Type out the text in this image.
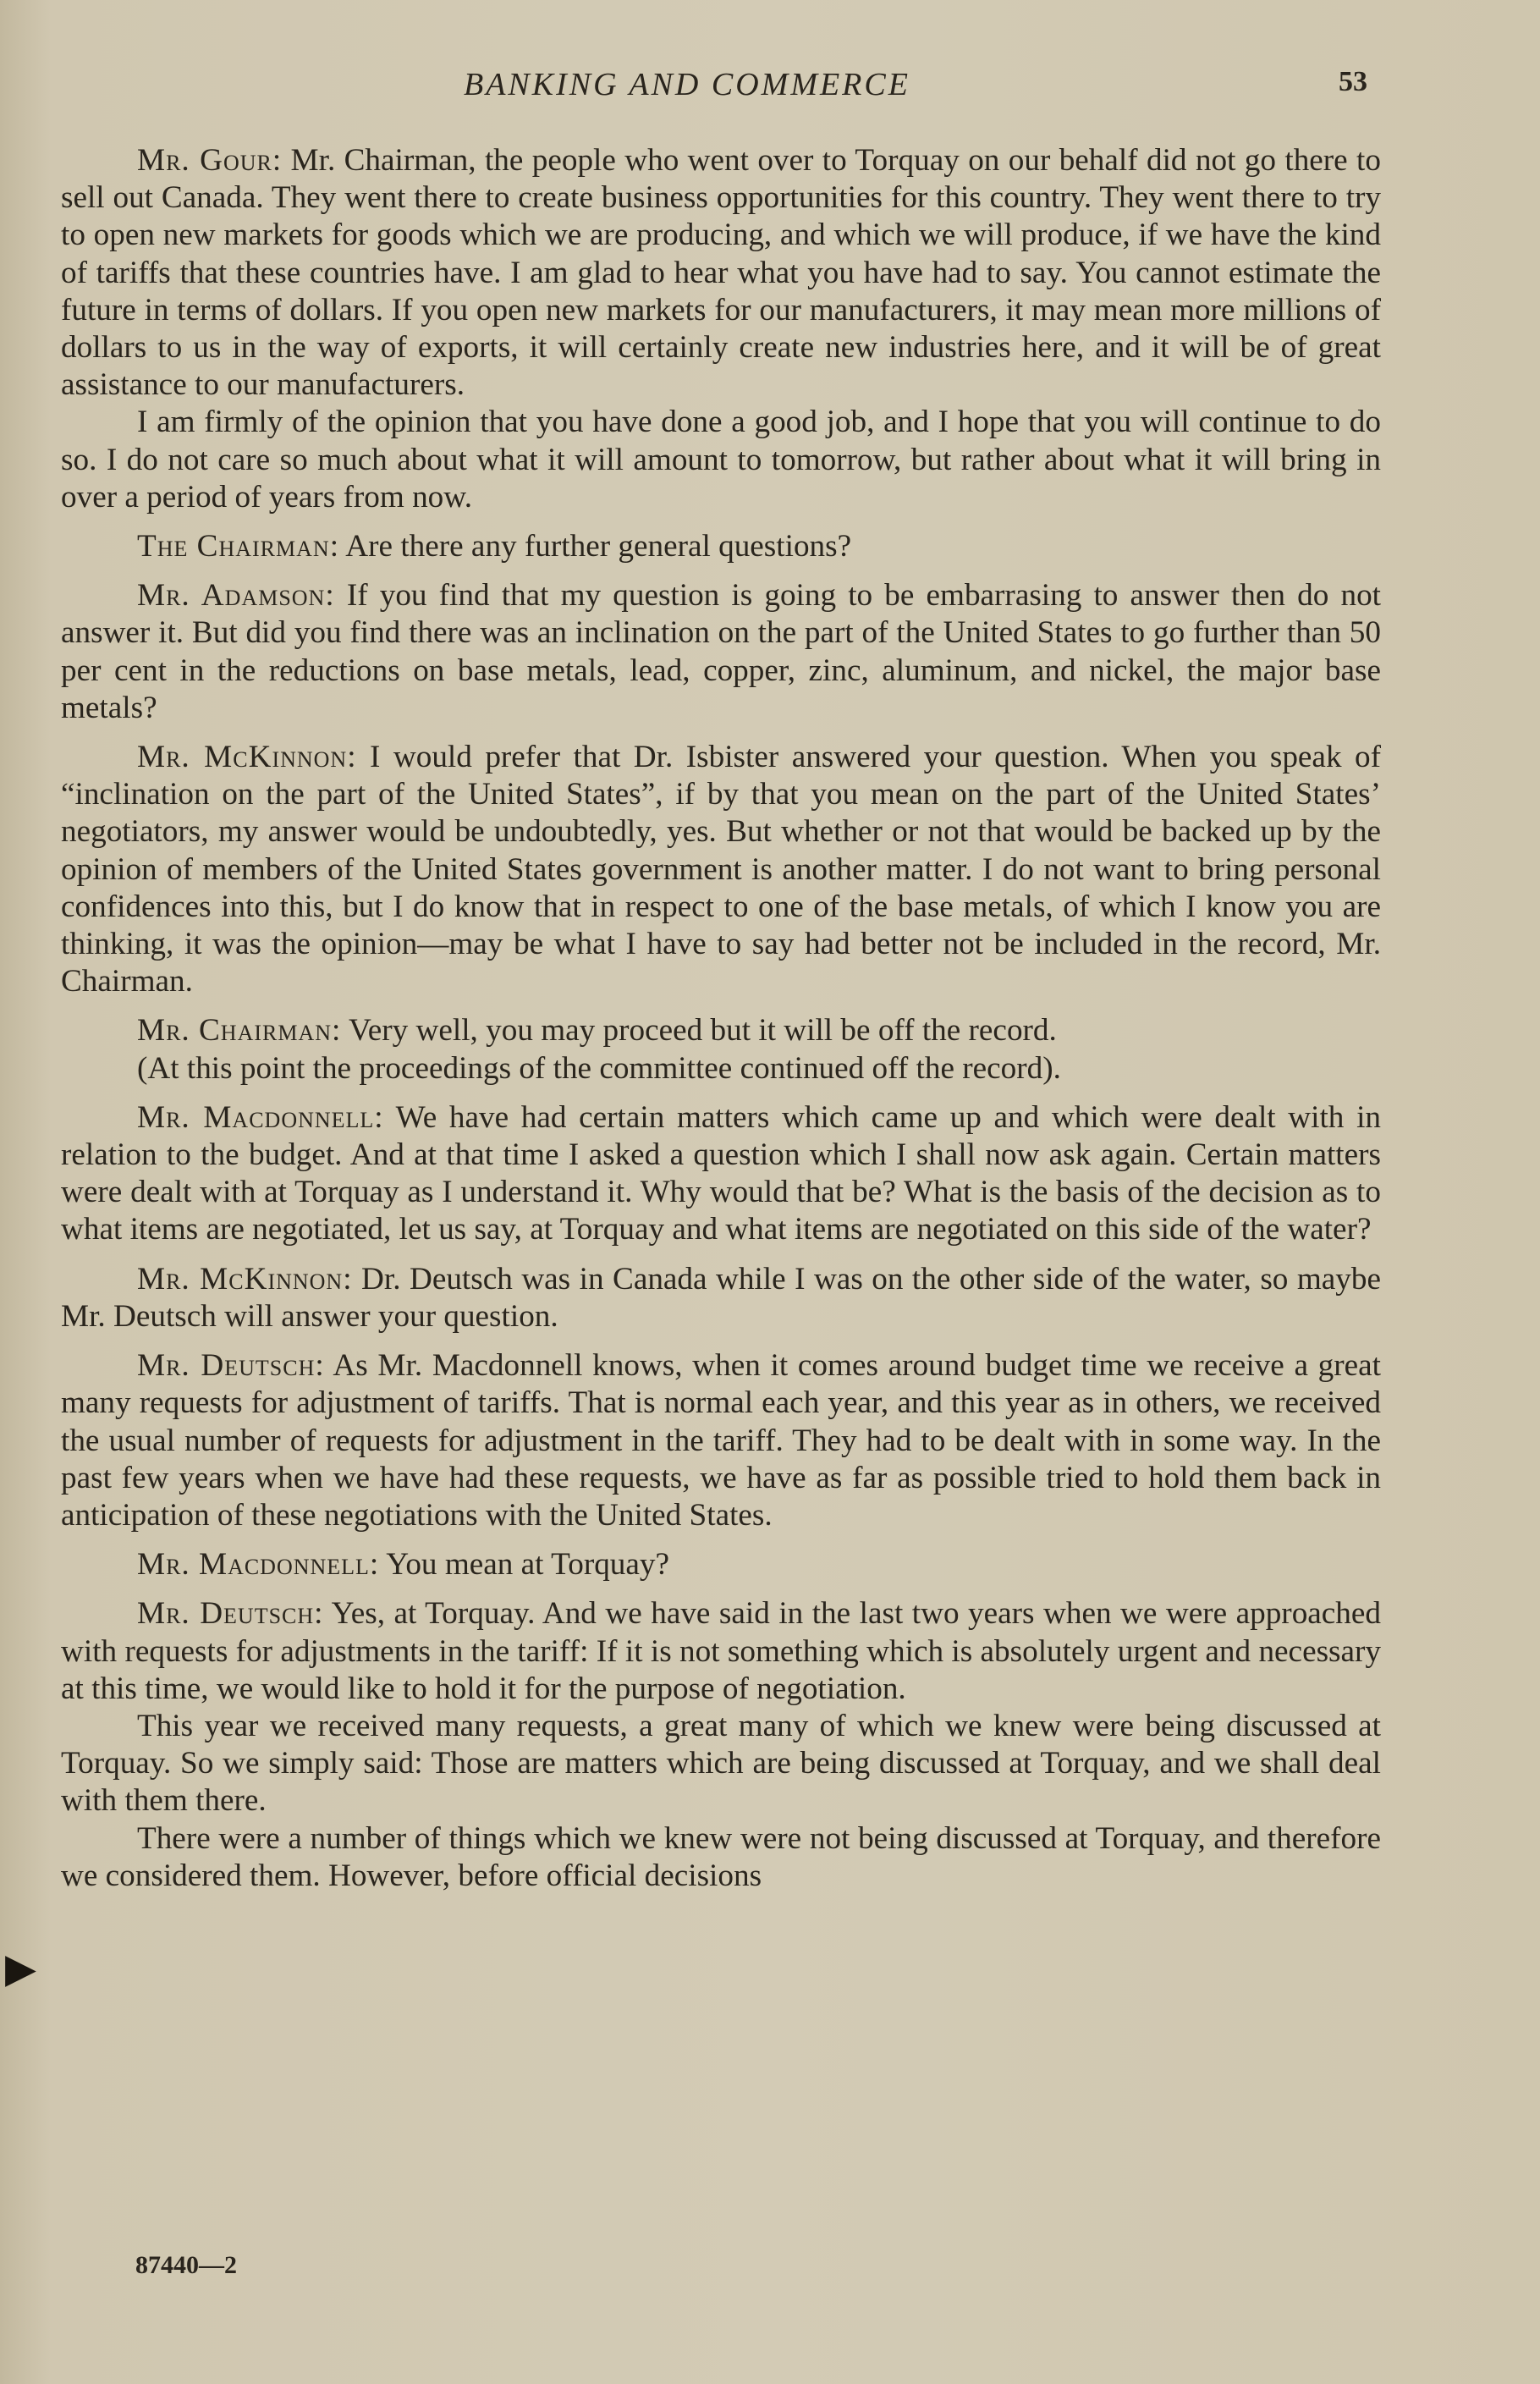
BANKING AND COMMERCE	53

Mr. Gour: Mr. Chairman, the people who went over to Torquay on our behalf did not go there to sell out Canada. They went there to create business opportunities for this country. They went there to try to open new markets for goods which we are producing, and which we will produce, if we have the kind of tariffs that these countries have. I am glad to hear what you have had to say. You cannot estimate the future in terms of dollars. If you open new markets for our manufacturers, it may mean more millions of dollars to us in the way of exports, it will certainly create new industries here, and it will be of great assistance to our manufacturers.

I am firmly of the opinion that you have done a good job, and I hope that you will continue to do so. I do not care so much about what it will amount to tomorrow, but rather about what it will bring in over a period of years from now.

The Chairman: Are there any further general questions?

Mr. Adamson: If you find that my question is going to be embarrasing to answer then do not answer it. But did you find there was an inclination on the part of the United States to go further than 50 per cent in the reductions on base metals, lead, copper, zinc, aluminum, and nickel, the major base metals?

Mr. McKinnon: I would prefer that Dr. Isbister answered your question. When you speak of “inclination on the part of the United States”, if by that you mean on the part of the United States’ negotiators, my answer would be undoubtedly, yes. But whether or not that would be backed up by the opinion of members of the United States government is another matter. I do not want to bring personal confidences into this, but I do know that in respect to one of the base metals, of which I know you are thinking, it was the opinion—may be what I have to say had better not be included in the record, Mr. Chairman.

Mr. Chairman: Very well, you may proceed but it will be off the record.

(At this point the proceedings of the committee continued off the record).

Mr. Macdonnell: We have had certain matters which came up and which were dealt with in relation to the budget. And at that time I asked a question which I shall now ask again. Certain matters were dealt with at Torquay as I understand it. Why would that be? What is the basis of the decision as to what items are negotiated, let us say, at Torquay and what items are negotiated on this side of the water?

Mr. McKinnon: Dr. Deutsch was in Canada while I was on the other side of the water, so maybe Mr. Deutsch will answer your question.

Mr. Deutsch: As Mr. Macdonnell knows, when it comes around budget time we receive a great many requests for adjustment of tariffs. That is normal each year, and this year as in others, we received the usual number of requests for adjustment in the tariff. They had to be dealt with in some way. In the past few years when we have had these requests, we have as far as possible tried to hold them back in anticipation of these negotiations with the United States.

Mr. Macdonnell: You mean at Torquay?

Mr. Deutsch: Yes, at Torquay. And we have said in the last two years when we were approached with requests for adjustments in the tariff: If it is not something which is absolutely urgent and necessary at this time, we would like to hold it for the purpose of negotiation.

This year we received many requests, a great many of which we knew were being discussed at Torquay. So we simply said: Those are matters which are being discussed at Torquay, and we shall deal with them there.

There were a number of things which we knew were not being discussed at Torquay, and therefore we considered them. However, before official decisions

▶
87440—2
